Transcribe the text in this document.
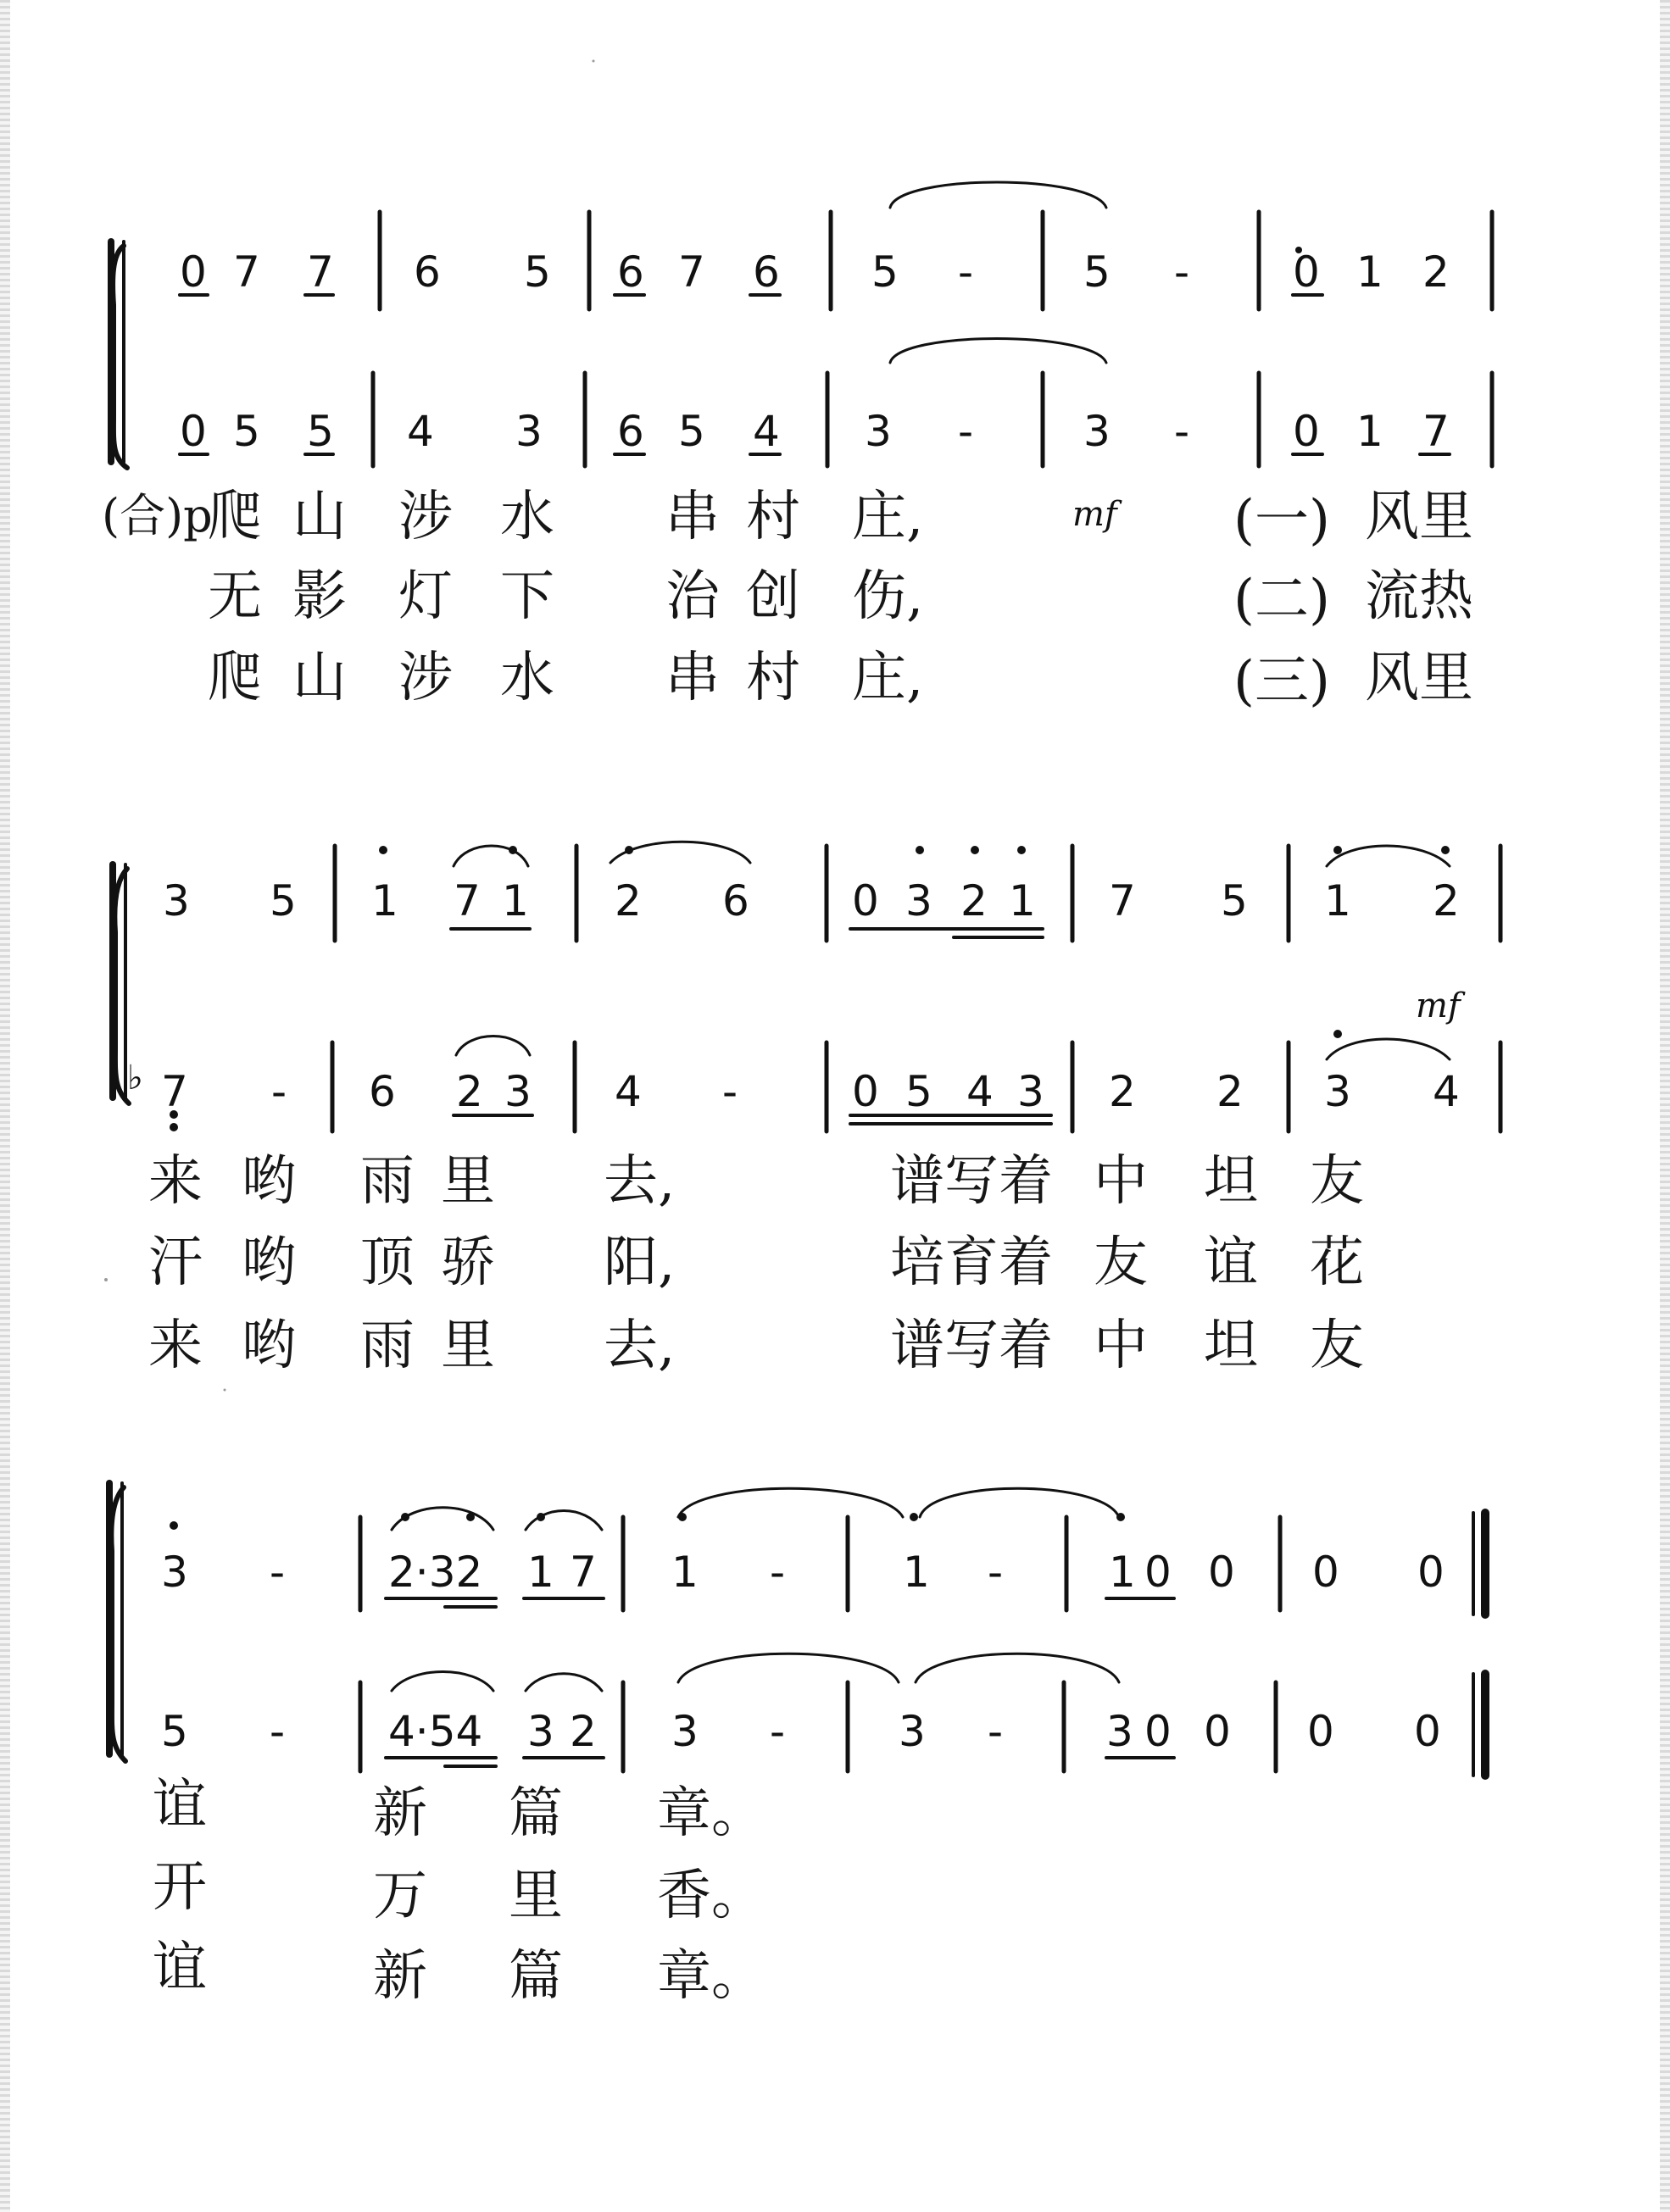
0 7 7 6 5 6 7 6 5 -	5 - 0 1 2
0 5 5 4 3 6 5 4 3 -	3 - 0 1 7
3 5 1 7 1 2 6 0 3 2 1 7 5 1 2
mf
♭ 7 - 6 2 3 4 -	0 5 4 3 2 2 3 4
3 - 2·32 1 7 1 -	1 - 1 0 0 0 0
5 - 4·54 3 2 3 -	3 - 3 0 0 0 0
mf
(合)p
爬 山 涉 水 串 村 庄,	(一) 风里
无 影 灯 下 治 创 伤,	(二) 流热
爬 山 涉 水 串 村 庄,	(三) 风里
来 哟 雨 里 去,	谱写着 中 坦 友
汗 哟 顶 骄 阳,	培育着 友 谊 花
来 哟 雨 里 去,	谱写着 中 坦 友
谊	新 篇 章。
开	万 里 香。
谊	新 篇 章。
